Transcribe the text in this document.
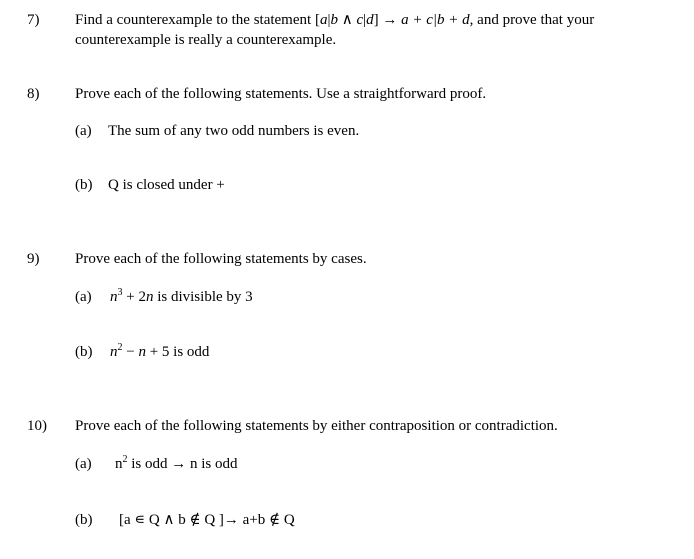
7) Find a counterexample to the statement [a|b ∧ c|d] → a + c|b + d, and prove that your
counterexample is really a counterexample.
8) Prove each of the following statements. Use a straightforward proof.
(a) The sum of any two odd numbers is even.
(b) Q is closed under +
9) Prove each of the following statements by cases.
(a) $n^3 + 2n$ is divisible by 3
(b) $n^2 - n + 5$ is odd
10) Prove each of the following statements by either contraposition or contradiction.
(a) $n^2$ is odd → n is odd
(b) [a ∊ Q ∧ b ∉ Q ]→ a+b ∉ Q
